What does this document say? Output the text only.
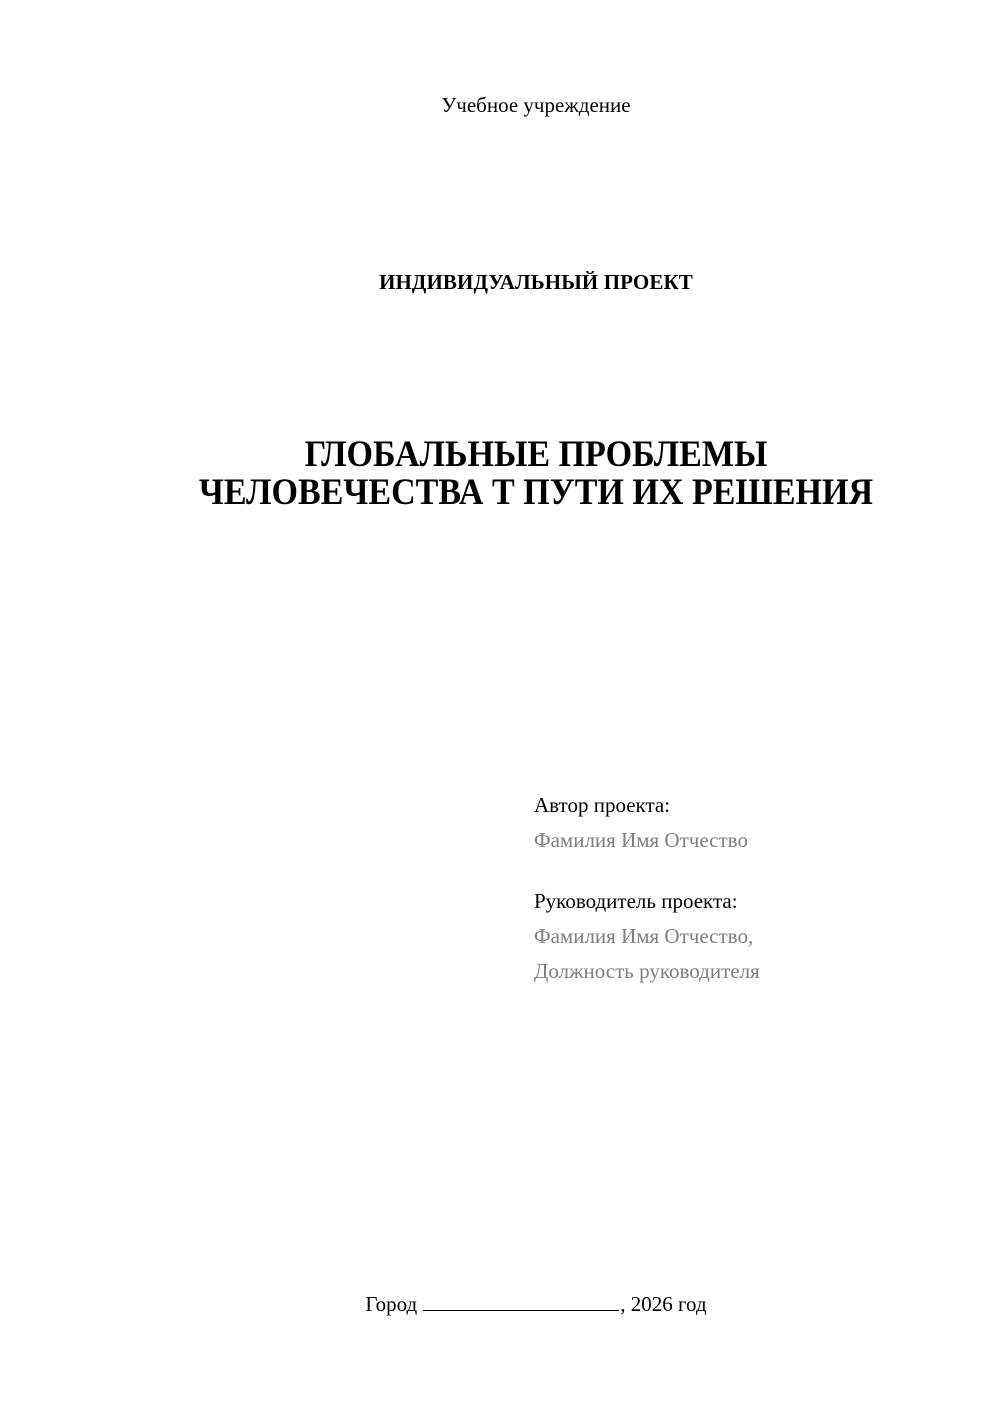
Учебное учреждение
ИНДИВИДУАЛЬНЫЙ ПРОЕКТ
ГЛОБАЛЬНЫЕ ПРОБЛЕМЫ
ЧЕЛОВЕЧЕСТВА Т ПУТИ ИХ РЕШЕНИЯ
Автор проекта:
Фамилия Имя Отчество
Руководитель проекта:
Фамилия Имя Отчество,
Должность руководителя
Город	, 2026 год
